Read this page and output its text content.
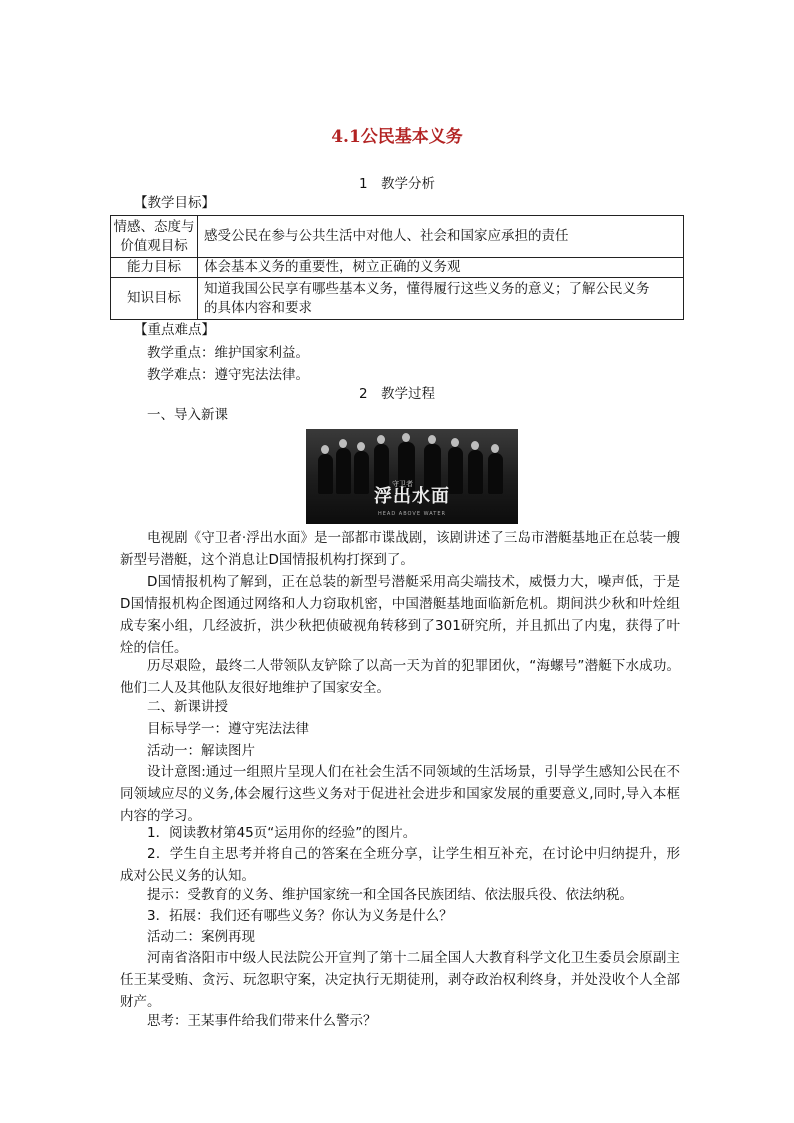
4.1公民基本义务
1　教学分析
【教学目标】
情感、态度与
价值观目标	感受公民在参与公共生活中对他人、社会和国家应承担的责任
能力目标	体会基本义务的重要性，树立正确的义务观
知识目标	知道我国公民享有哪些基本义务，懂得履行这些义务的意义；了解公民义务
的具体内容和要求
【重点难点】
教学重点：维护国家利益。
教学难点：遵守宪法法律。
2　教学过程
一、导入新课
守卫者
浮出水面
HEAD ABOVE WATER
电视剧《守卫者·浮出水面》是一部都市谍战剧，该剧讲述了三岛市潜艇基地正在总装一艘新型号潜艇，这个消息让D国情报机构打探到了。
D国情报机构了解到，正在总装的新型号潜艇采用高尖端技术，威慑力大，噪声低，于是D国情报机构企图通过网络和人力窃取机密，中国潜艇基地面临新危机。期间洪少秋和叶烇组成专案小组，几经波折，洪少秋把侦破视角转移到了301研究所，并且抓出了内鬼，获得了叶烇的信任。
历尽艰险，最终二人带领队友铲除了以高一天为首的犯罪团伙，“海螺号”潜艇下水成功。他们二人及其他队友很好地维护了国家安全。
二、新课讲授
目标导学一：遵守宪法法律
活动一：解读图片
设计意图:通过一组照片呈现人们在社会生活不同领域的生活场景，引导学生感知公民在不同领域应尽的义务,体会履行这些义务对于促进社会进步和国家发展的重要意义,同时,导入本框内容的学习。
1．阅读教材第45页“运用你的经验”的图片。
2．学生自主思考并将自己的答案在全班分享，让学生相互补充，在讨论中归纳提升，形成对公民义务的认知。
提示：受教育的义务、维护国家统一和全国各民族团结、依法服兵役、依法纳税。
3．拓展：我们还有哪些义务？你认为义务是什么？
活动二：案例再现
河南省洛阳市中级人民法院公开宣判了第十二届全国人大教育科学文化卫生委员会原副主任王某受贿、贪污、玩忽职守案，决定执行无期徒刑，剥夺政治权利终身，并处没收个人全部财产。
思考：王某事件给我们带来什么警示？
